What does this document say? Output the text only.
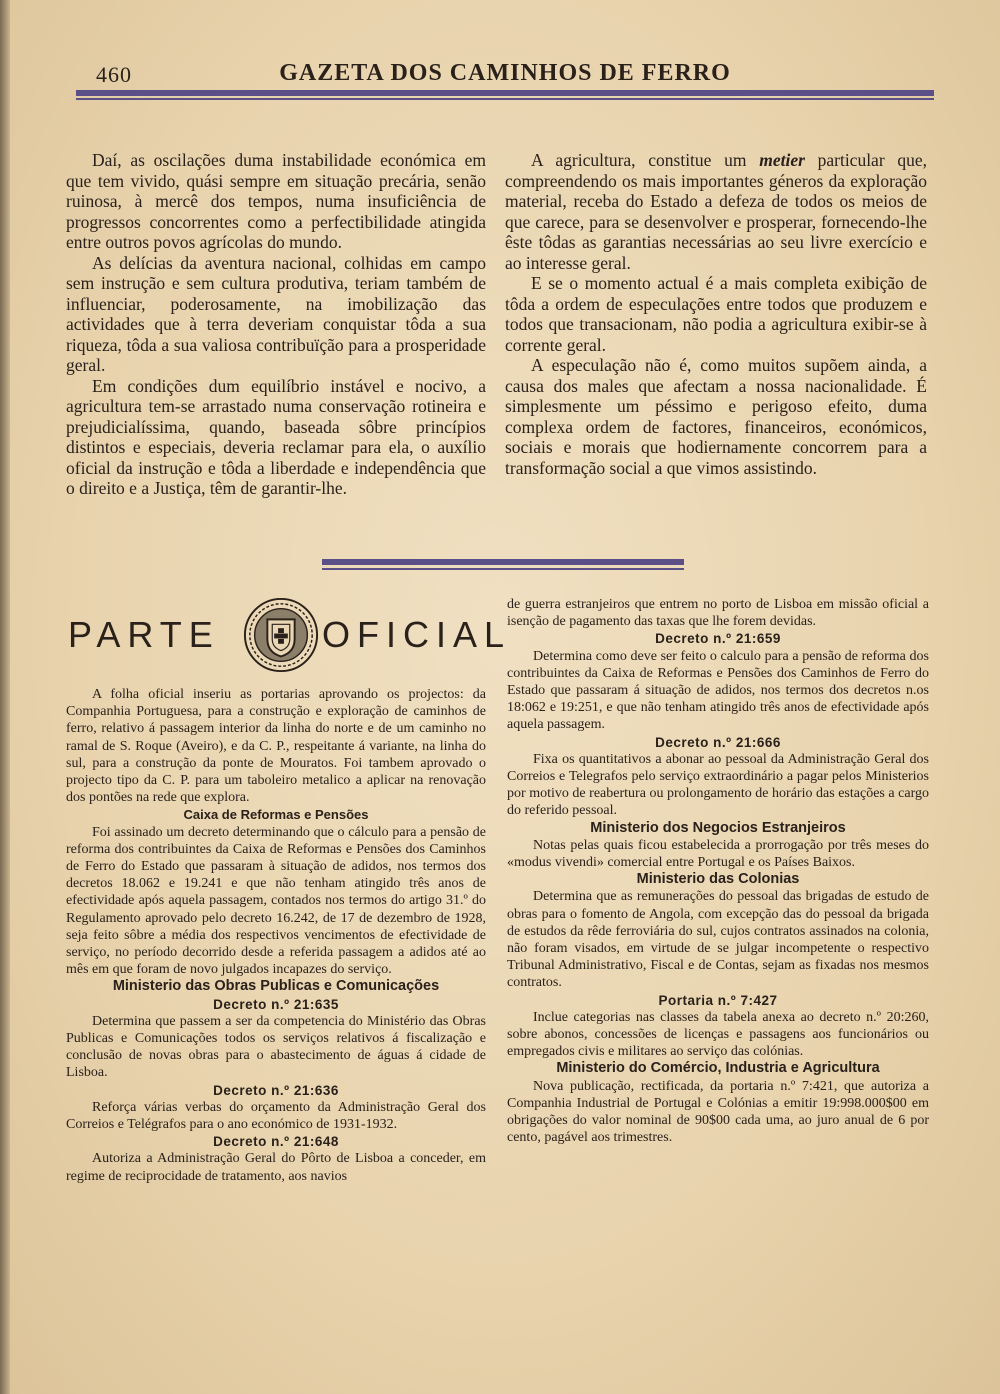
460	GAZETA DOS CAMINHOS DE FERRO

Daí, as oscilações duma instabilidade económica em que tem vivido, quási sempre em situação precária, senão ruinosa, à mercê dos tempos, numa insuficiência de progressos concorrentes como a perfectibilidade atingida entre outros povos agrícolas do mundo.

As delícias da aventura nacional, colhidas em campo sem instrução e sem cultura produtiva, teriam também de influenciar, poderosamente, na imobilização das actividades que à terra deveriam conquistar tôda a sua riqueza, tôda a sua valiosa contribuïção para a prosperidade geral.

Em condições dum equilíbrio instável e nocivo, a agricultura tem-se arrastado numa conservação rotineira e prejudicialíssima, quando, baseada sôbre princípios distintos e especiais, deveria reclamar para ela, o auxílio oficial da instrução e tôda a liberdade e independência que o direito e a Justiça, têm de garantir-lhe.

A agricultura, constitue um metier particular que, compreendendo os mais importantes géneros da exploração material, receba do Estado a defeza de todos os meios de que carece, para se desenvolver e prosperar, fornecendo-lhe êste tôdas as garantias necessárias ao seu livre exercício e ao interesse geral.

E se o momento actual é a mais completa exibição de tôda a ordem de especulações entre todos que produzem e todos que transacionam, não podia a agricultura exibir-se à corrente geral.

A especulação não é, como muitos supõem ainda, a causa dos males que afectam a nossa nacionalidade. É simplesmente um péssimo e perigoso efeito, duma complexa ordem de factores, financeiros, económicos, sociais e morais que hodiernamente concorrem para a transformação social a que vimos assistindo.

PARTE	OFICIAL

A folha oficial inseriu as portarias aprovando os projectos: da Companhia Portuguesa, para a construção e exploração de caminhos de ferro, relativo á passagem interior da linha do norte e de um caminho no ramal de S. Roque (Aveiro), e da C. P., respeitante á variante, na linha do sul, para a construção da ponte de Mouratos. Foi tambem aprovado o projecto tipo da C. P. para um taboleiro metalico a aplicar na renovação dos pontões na rede que explora.

Caixa de Reformas e Pensões

Foi assinado um decreto determinando que o cálculo para a pensão de reforma dos contribuintes da Caixa de Reformas e Pensões dos Caminhos de Ferro do Estado que passaram à situação de adidos, nos termos dos decretos 18.062 e 19.241 e que não tenham atingido três anos de efectividade após aquela passagem, contados nos termos do artigo 31.º do Regulamento aprovado pelo decreto 16.242, de 17 de dezembro de 1928, seja feito sôbre a média dos respectivos vencimentos de efectividade de serviço, no período decorrido desde a referida passagem a adidos até ao mês em que foram de novo julgados incapazes do serviço.

Ministerio das Obras Publicas e Comunicações

Decreto n.º 21:635

Determina que passem a ser da competencia do Ministério das Obras Publicas e Comunicações todos os serviços relativos á fiscalização e conclusão de novas obras para o abastecimento de águas á cidade de Lisboa.

Decreto n.º 21:636

Reforça várias verbas do orçamento da Administração Geral dos Correios e Telégrafos para o ano económico de 1931-1932.

Decreto n.º 21:648

Autoriza a Administração Geral do Pôrto de Lisboa a conceder, em regime de reciprocidade de tratamento, aos navios

de guerra estranjeiros que entrem no porto de Lisboa em missão oficial a isenção de pagamento das taxas que lhe forem devidas.

Decreto n.º 21:659

Determina como deve ser feito o calculo para a pensão de reforma dos contribuintes da Caixa de Reformas e Pensões dos Caminhos de Ferro do Estado que passaram á situação de adidos, nos termos dos decretos n.os 18:062 e 19:251, e que não tenham atingido três anos de efectividade após aquela passagem.

Decreto n.º 21:666

Fixa os quantitativos a abonar ao pessoal da Administração Geral dos Correios e Telegrafos pelo serviço extraordinário a pagar pelos Ministerios por motivo de reabertura ou prolongamento de horário das estações a cargo do referido pessoal.

Ministerio dos Negocios Estranjeiros

Notas pelas quais ficou estabelecida a prorrogação por três meses do «modus vivendi» comercial entre Portugal e os Países Baixos.

Ministerio das Colonias

Determina que as remunerações do pessoal das brigadas de estudo de obras para o fomento de Angola, com excepção das do pessoal da brigada de estudos da rêde ferroviária do sul, cujos contratos assinados na colonia, não foram visados, em virtude de se julgar incompetente o respectivo Tribunal Administrativo, Fiscal e de Contas, sejam as fixadas nos mesmos contratos.

Portaria n.º 7:427

Inclue categorias nas classes da tabela anexa ao decreto n.º 20:260, sobre abonos, concessões de licenças e passagens aos funcionários ou empregados civis e militares ao serviço das colónias.

Ministerio do Comércio, Industria e Agricultura

Nova publicação, rectificada, da portaria n.º 7:421, que autoriza a Companhia Industrial de Portugal e Colónias a emitir 19:998.000$00 em obrigações do valor nominal de 90$00 cada uma, ao juro anual de 6 por cento, pagável aos trimestres.
